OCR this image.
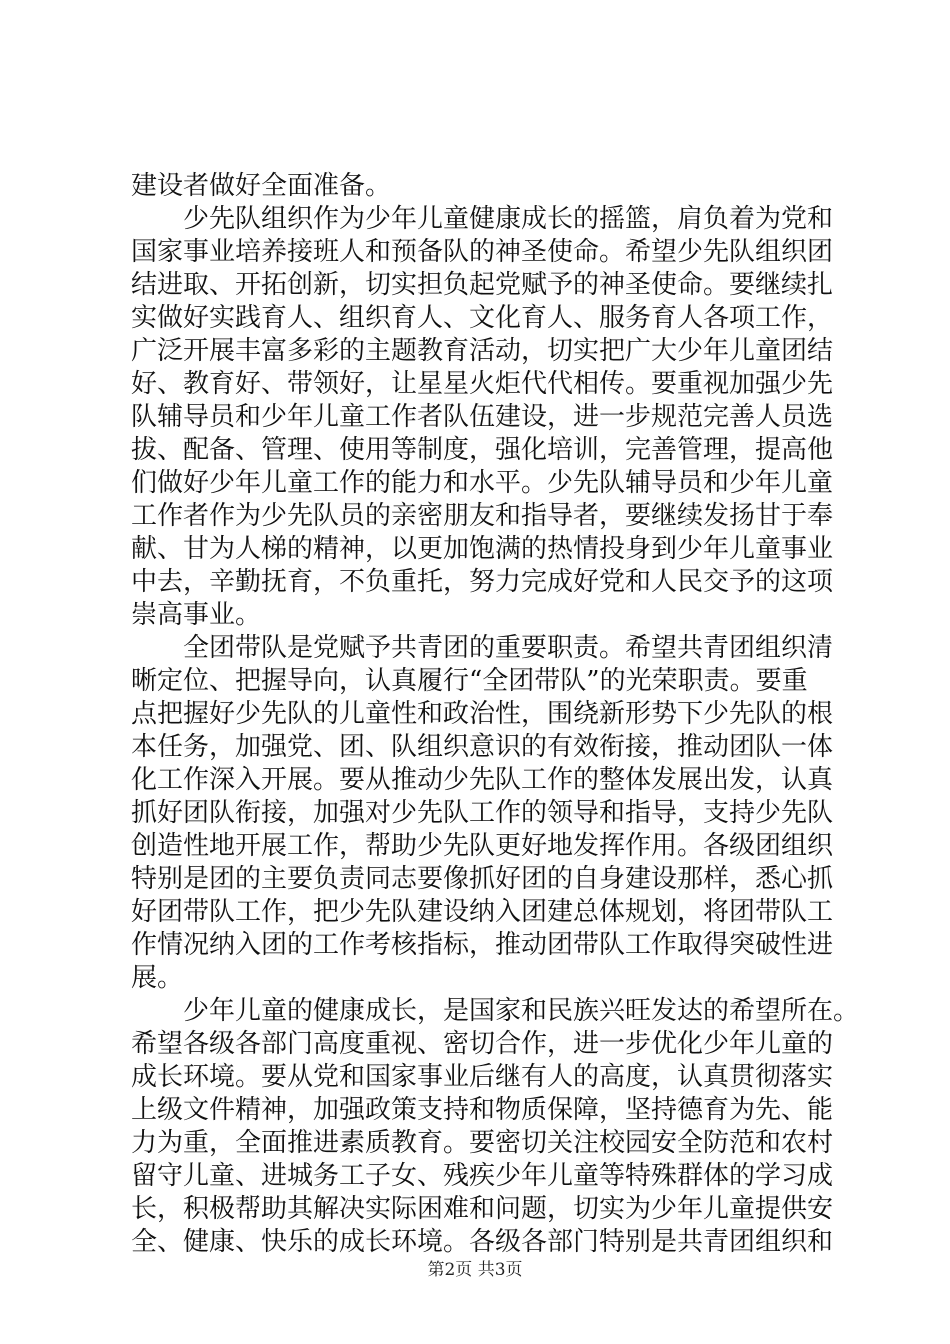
建设者做好全面准备。
少先队组织作为少年儿童健康成长的摇篮，肩负着为党和
国家事业培养接班人和预备队的神圣使命。希望少先队组织团
结进取、开拓创新，切实担负起党赋予的神圣使命。要继续扎
实做好实践育人、组织育人、文化育人、服务育人各项工作，
广泛开展丰富多彩的主题教育活动，切实把广大少年儿童团结
好、教育好、带领好，让星星火炬代代相传。要重视加强少先
队辅导员和少年儿童工作者队伍建设，进一步规范完善人员选
拔、配备、管理、使用等制度，强化培训，完善管理，提高他
们做好少年儿童工作的能力和水平。少先队辅导员和少年儿童
工作者作为少先队员的亲密朋友和指导者，要继续发扬甘于奉
献、甘为人梯的精神，以更加饱满的热情投身到少年儿童事业
中去，辛勤抚育，不负重托，努力完成好党和人民交予的这项
崇高事业。
全团带队是党赋予共青团的重要职责。希望共青团组织清
晰定位、把握导向，认真履行“全团带队”的光荣职责。要重
点把握好少先队的儿童性和政治性，围绕新形势下少先队的根
本任务，加强党、团、队组织意识的有效衔接，推动团队一体
化工作深入开展。要从推动少先队工作的整体发展出发，认真
抓好团队衔接，加强对少先队工作的领导和指导，支持少先队
创造性地开展工作，帮助少先队更好地发挥作用。各级团组织
特别是团的主要负责同志要像抓好团的自身建设那样，悉心抓
好团带队工作，把少先队建设纳入团建总体规划，将团带队工
作情况纳入团的工作考核指标，推动团带队工作取得突破性进
展。
少年儿童的健康成长，是国家和民族兴旺发达的希望所在。
希望各级各部门高度重视、密切合作，进一步优化少年儿童的
成长环境。要从党和国家事业后继有人的高度，认真贯彻落实
上级文件精神，加强政策支持和物质保障，坚持德育为先、能
力为重，全面推进素质教育。要密切关注校园安全防范和农村
留守儿童、进城务工子女、残疾少年儿童等特殊群体的学习成
长，积极帮助其解决实际困难和问题，切实为少年儿童提供安
全、健康、快乐的成长环境。各级各部门特别是共青团组织和
第2页 共3页
